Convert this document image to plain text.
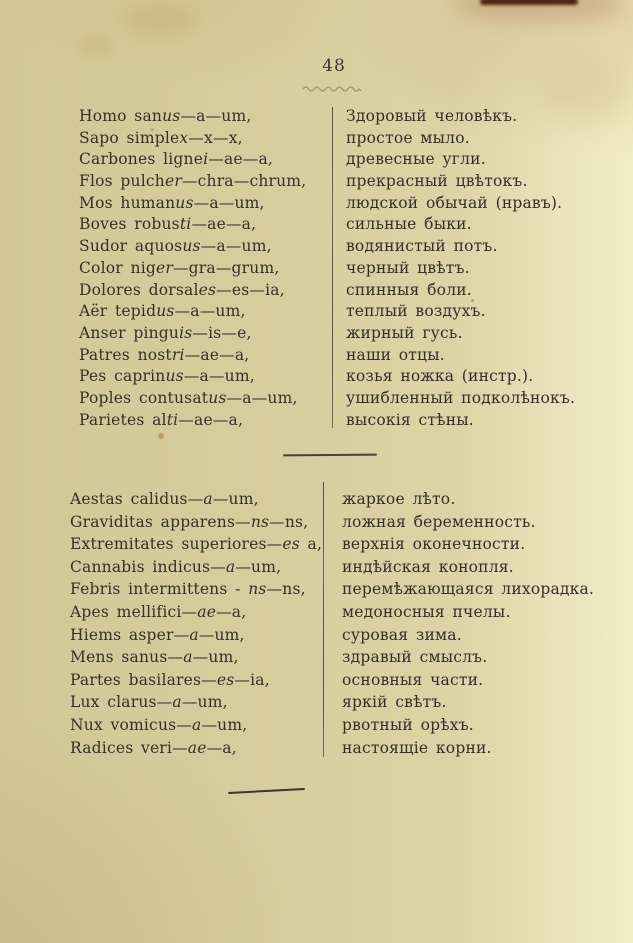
48
Homo sanus—a—um,
Sapo simplex—x—x,
Carbones lignei—ae—a,
Flos pulcher—chra—chrum,
Mos humanus—a—um,
Boves robusti—ae—a,
Sudor aquosus—a—um,
Color niger—gra—grum,
Dolores dorsales—es—ia,
Aër tepidus—a—um,
Anser pinguis—is—e,
Patres nostri—ae—a,
Pes caprinus—a—um,
Poples contusatus—a—um,
Parietes alti—ae—a,
Здоровый человѣкъ.
простое мыло.
древесные угли.
прекрасный цвѣтокъ.
людской обычай (нравъ).
сильные быки.
водянистый потъ.
черный цвѣтъ.
спинныя боли.
теплый воздухъ.
жирный гусь.
наши отцы.
козья ножка (инстр.).
ушибленный подколѣнокъ.
высокія стѣны.
Aestas calidus—a—um,
Graviditas apparens—ns—ns,
Extremitates superiores—es a,
Cannabis indicus—a—um,
Febris intermittens - ns—ns,
Apes mellifici—ae—a,
Hiems asper—a—um,
Mens sanus—a—um,
Partes basilares—es—ia,
Lux clarus—a—um,
Nux vomicus—a—um,
Radices veri—ae—a,
жаркое лѣто.
ложная беременность.
верхнія оконечности.
индѣйская конопля.
перемѣжающаяся лихорадка.
медоносныя пчелы.
суровая зима.
здравый смыслъ.
основныя части.
яркій свѣтъ.
рвотный орѣхъ.
настоящіе корни.
